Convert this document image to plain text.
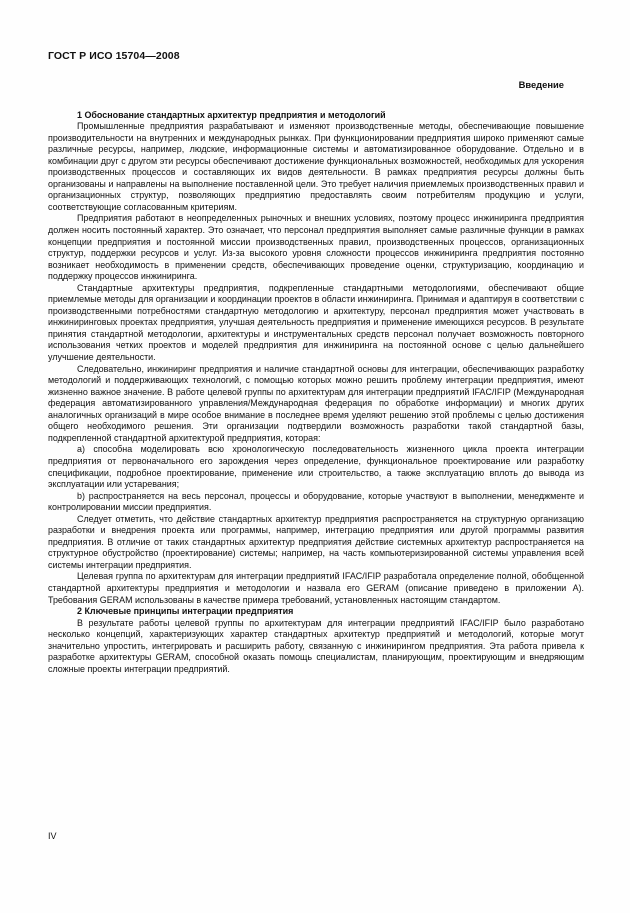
ГОСТ Р ИСО 15704—2008
Введение

1 Обоснование стандартных архитектур предприятия и методологий

Промышленные предприятия разрабатывают и изменяют производственные методы, обеспечивающие повышение производительности на внутренних и международных рынках. При функционировании предприятия широко применяют самые различные ресурсы, например, людские, информационные системы и автоматизированное оборудование. Отдельно и в комбинации друг с другом эти ресурсы обеспечивают достижение функциональных возможностей, необходимых для ускорения производственных процессов и составляющих их видов деятельности. В рамках предприятия ресурсы должны быть организованы и направлены на выполнение поставленной цели. Это требует наличия приемлемых производственных правил и организационных структур, позволяющих предприятию предоставлять своим потребителям продукцию и услуги, соответствующие согласованным критериям.

Предприятия работают в неопределенных рыночных и внешних условиях, поэтому процесс инжиниринга предприятия должен носить постоянный характер. Это означает, что персонал предприятия выполняет самые различные функции в рамках концепции предприятия и постоянной миссии производственных правил, производственных процессов, организационных структур, поддержки ресурсов и услуг. Из-за высокого уровня сложности процессов инжиниринга предприятия постоянно возникает необходимость в применении средств, обеспечивающих проведение оценки, структуризацию, координацию и поддержку процессов инжиниринга.

Стандартные архитектуры предприятия, подкрепленные стандартными методологиями, обеспечивают общие приемлемые методы для организации и координации проектов в области инжиниринга. Принимая и адаптируя в соответствии с производственными потребностями стандартную методологию и архитектуру, персонал предприятия может участвовать в инжиниринговых проектах предприятия, улучшая деятельность предприятия и применение имеющихся ресурсов. В результате принятия стандартной методологии, архитектуры и инструментальных средств персонал получает возможность повторного использования четких проектов и моделей предприятия для инжиниринга на постоянной основе с целью дальнейшего улучшение деятельности.

Следовательно, инжиниринг предприятия и наличие стандартной основы для интеграции, обеспечивающих разработку методологий и поддерживающих технологий, с помощью которых можно решить проблему интеграции предприятия, имеют жизненно важное значение. В работе целевой группы по архитектурам для интеграции предприятий IFAC/IFIP (Международная федерация автоматизированного управления/Международная федерация по обработке информации) и многих других аналогичных организаций в мире особое внимание в последнее время уделяют решению этой проблемы с целью достижения общего необходимого решения. Эти организации подтвердили возможность разработки такой стандартной базы, подкрепленной стандартной архитектурой предприятия, которая:

а) способна моделировать всю хронологическую последовательность жизненного цикла проекта интеграции предприятия от первоначального его зарождения через определение, функциональное проектирование или разработку спецификации, подробное проектирование, применение или строительство, а также эксплуатацию вплоть до вывода из эксплуатации или устаревания;

b) распространяется на весь персонал, процессы и оборудование, которые участвуют в выполнении, менеджменте и контролировании миссии предприятия.

Следует отметить, что действие стандартных архитектур предприятия распространяется на структурную организацию разработки и внедрения проекта или программы, например, интеграцию предприятия или другой программы развития предприятия. В отличие от таких стандартных архитектур предприятия действие системных архитектур распространяется на структурное обустройство (проектирование) системы; например, на часть компьютеризированной системы управления всей системы интеграции предприятия.

Целевая группа по архитектурам для интеграции предприятий IFAC/IFIP разработала определение полной, обобщенной стандартной архитектуры предприятия и методологии и назвала его GERAM (описание приведено в приложении А). Требования GERAM использованы в качестве примера требований, установленных настоящим стандартом.

2 Ключевые принципы интеграции предприятия

В результате работы целевой группы по архитектурам для интеграции предприятий IFAC/IFIP было разработано несколько концепций, характеризующих характер стандартных архитектур предприятий и методологий, которые могут значительно упростить, интегрировать и расширить работу, связанную с инжинирингом предприятия. Эта работа привела к разработке архитектуры GERAM, способной оказать помощь специалистам, планирующим, проектирующим и внедряющим сложные проекты интеграции предприятий.

IV
